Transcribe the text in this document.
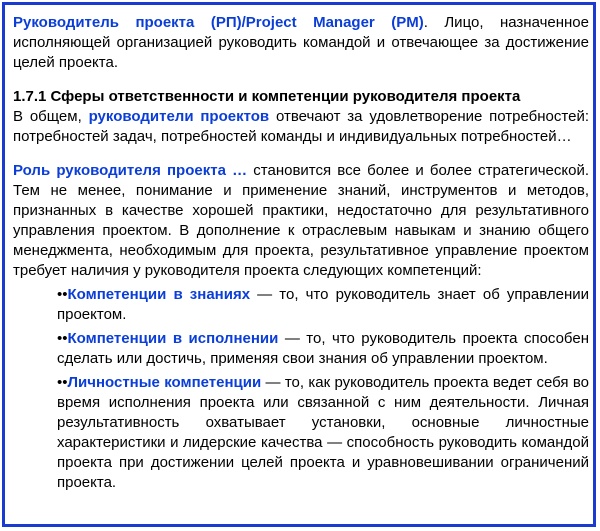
Руководитель проекта (РП)/Project Manager (PM). Лицо, назначенное исполняющей организацией руководить командой и отвечающее за достижение целей проекта.

1.7.1 Сферы ответственности и компетенции руководителя проекта

В общем, руководители проектов отвечают за удовлетворение потребностей: потребностей задач, потребностей команды и индивидуальных потребностей…

Роль руководителя проекта … становится все более и более стратегической. Тем не менее, понимание и применение знаний, инструментов и методов, признанных в качестве хорошей практики, недостаточно для результативного управления проектом. В дополнение к отраслевым навыкам и знанию общего менеджмента, необходимым для проекта, результативное управление проектом требует наличия у руководителя проекта следующих компетенций:

••Компетенции в знаниях — то, что руководитель знает об управлении проектом.

••Компетенции в исполнении — то, что руководитель проекта способен сделать или достичь, применяя свои знания об управлении проектом.

••Личностные компетенции — то, как руководитель проекта ведет себя во время исполнения проекта или связанной с ним деятельности. Личная результативность охватывает установки, основные личностные характеристики и лидерские качества — способность руководить командой проекта при достижении целей проекта и уравновешивании ограничений проекта.
